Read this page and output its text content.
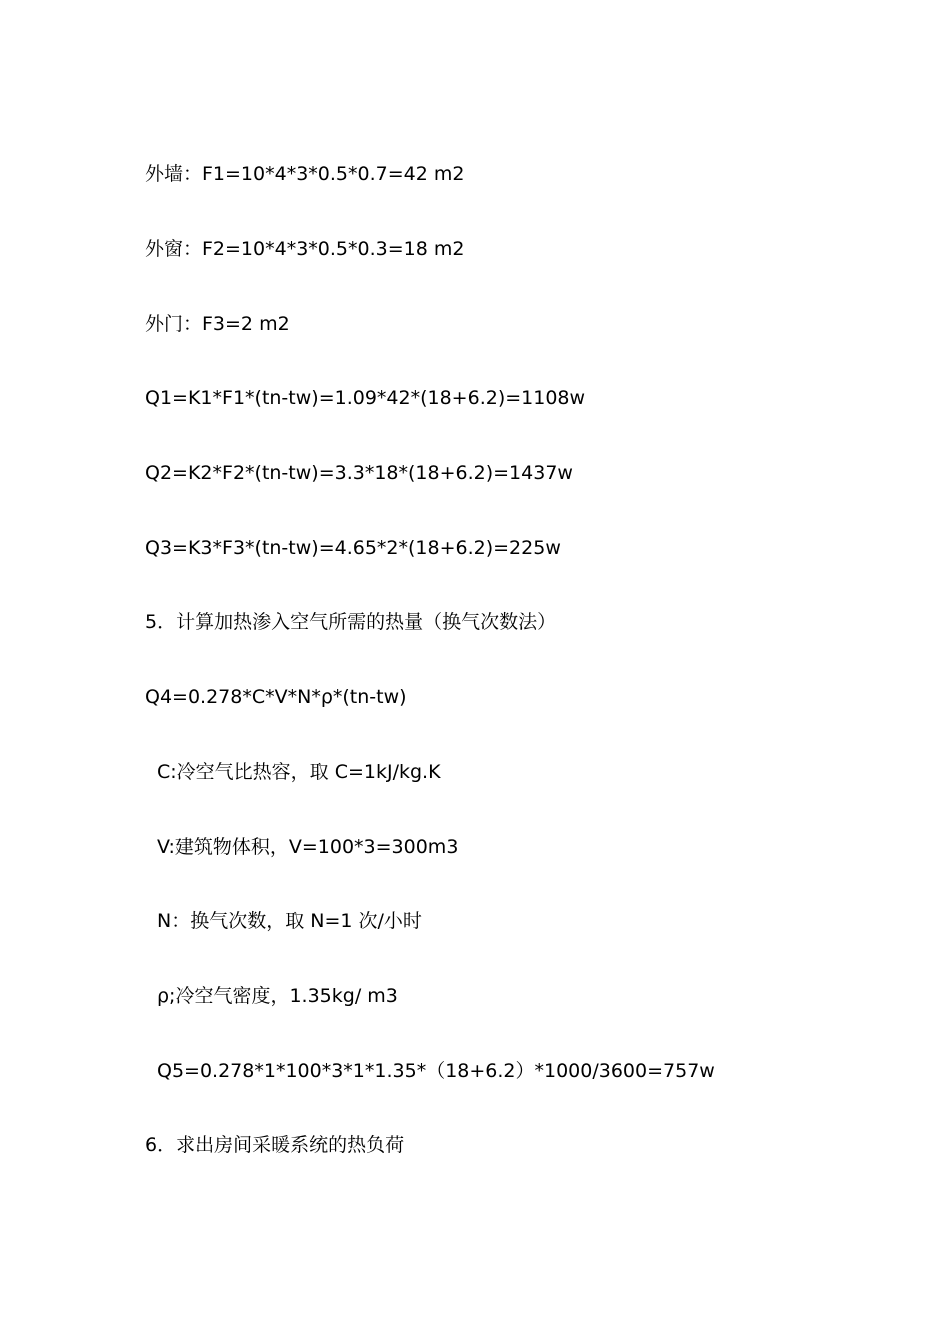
外墙：F1=10*4*3*0.5*0.7=42 m2
外窗：F2=10*4*3*0.5*0.3=18 m2
外门：F3=2 m2
Q1=K1*F1*(tn-tw)=1.09*42*(18+6.2)=1108w
Q2=K2*F2*(tn-tw)=3.3*18*(18+6.2)=1437w
Q3=K3*F3*(tn-tw)=4.65*2*(18+6.2)=225w
5．计算加热渗入空气所需的热量（换气次数法）
Q4=0.278*C*V*N*ρ*(tn-tw)
C:冷空气比热容，取 C=1kJ/kg.K
V:建筑物体积，V=100*3=300m3
N：换气次数，取 N=1 次/小时
ρ;冷空气密度，1.35kg/ m3
Q5=0.278*1*100*3*1*1.35*（18+6.2）*1000/3600=757w
6．求出房间采暖系统的热负荷
